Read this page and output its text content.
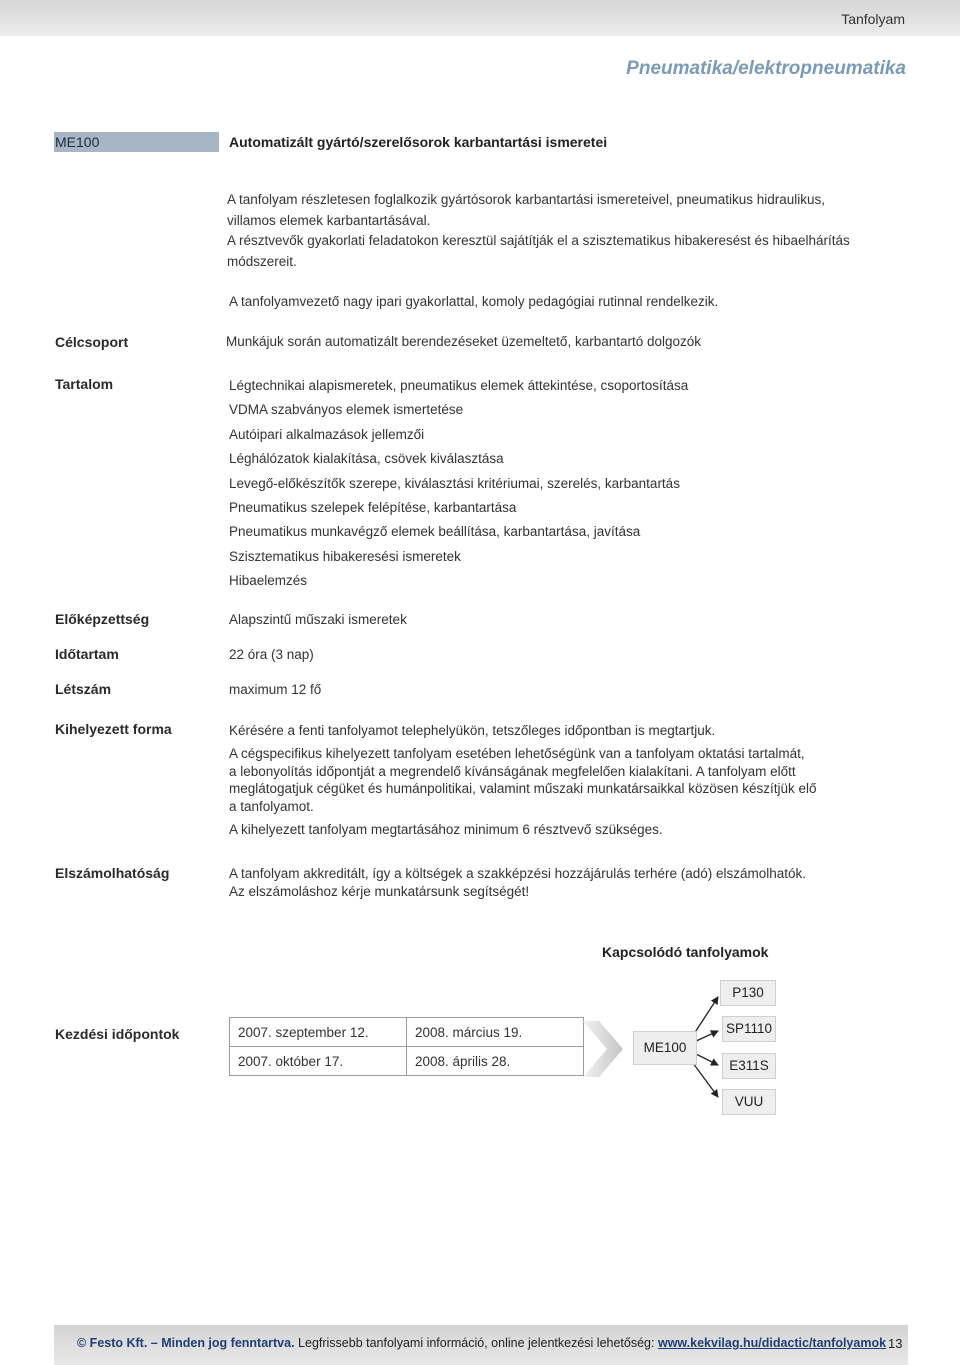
Tanfolyam
Pneumatika/elektropneumatika
ME100	Automatizált gyártó/szerelősorok karbantartási ismeretei
A tanfolyam részletesen foglalkozik gyártósorok karbantartási ismereteivel, pneumatikus hidraulikus,
villamos elemek karbantartásával.
A résztvevők gyakorlati feladatokon keresztül sajátítják el a szisztematikus hibakeresést és hibaelhárítás
módszereit.
A tanfolyamvezető nagy ipari gyakorlattal, komoly pedagógiai rutinnal rendelkezik.
Célcsoport	Munkájuk során automatizált berendezéseket üzemeltető, karbantartó dolgozók
Tartalom	Légtechnikai alapismeretek, pneumatikus elemek áttekintése, csoportosítása
VDMA szabványos elemek ismertetése
Autóipari alkalmazások jellemzői
Léghálózatok kialakítása, csövek kiválasztása
Levegő-előkészítők szerepe, kiválasztási kritériumai, szerelés, karbantartás
Pneumatikus szelepek felépítése, karbantartása
Pneumatikus munkavégző elemek beállítása, karbantartása, javítása
Szisztematikus hibakeresési ismeretek
Hibaelemzés
Előképzettség	Alapszintű műszaki ismeretek
Időtartam	22 óra (3 nap)
Létszám	maximum 12 fő
Kihelyezett forma	Kérésére a fenti tanfolyamot telephelyükön, tetszőleges időpontban is megtartjuk.
A cégspecifikus kihelyezett tanfolyam esetében lehetőségünk van a tanfolyam oktatási tartalmát,
a lebonyolítás időpontját a megrendelő kívánságának megfelelően kialakítani. A tanfolyam előtt
meglátogatjuk cégüket és humánpolitikai, valamint műszaki munkatársaikkal közösen készítjük elő
a tanfolyamot.
A kihelyezett tanfolyam megtartásához minimum 6 résztvevő szükséges.
Elszámolhatóság	A tanfolyam akkreditált, így a költségek a szakképzési hozzájárulás terhére (adó) elszámolhatók.
Az elszámoláshoz kérje munkatársunk segítségét!
Kapcsolódó tanfolyamok
Kezdési időpontok	2007. szeptember 12.	2008. március 19.
2007. október 17.	2008. április 28.
ME100
P130
SP1110
E311S
VUU
© Festo Kft. – Minden jog fenntartva. Legfrissebb tanfolyami információ, online jelentkezési lehetőség: www.kekvilag.hu/didactic/tanfolyamok 13
